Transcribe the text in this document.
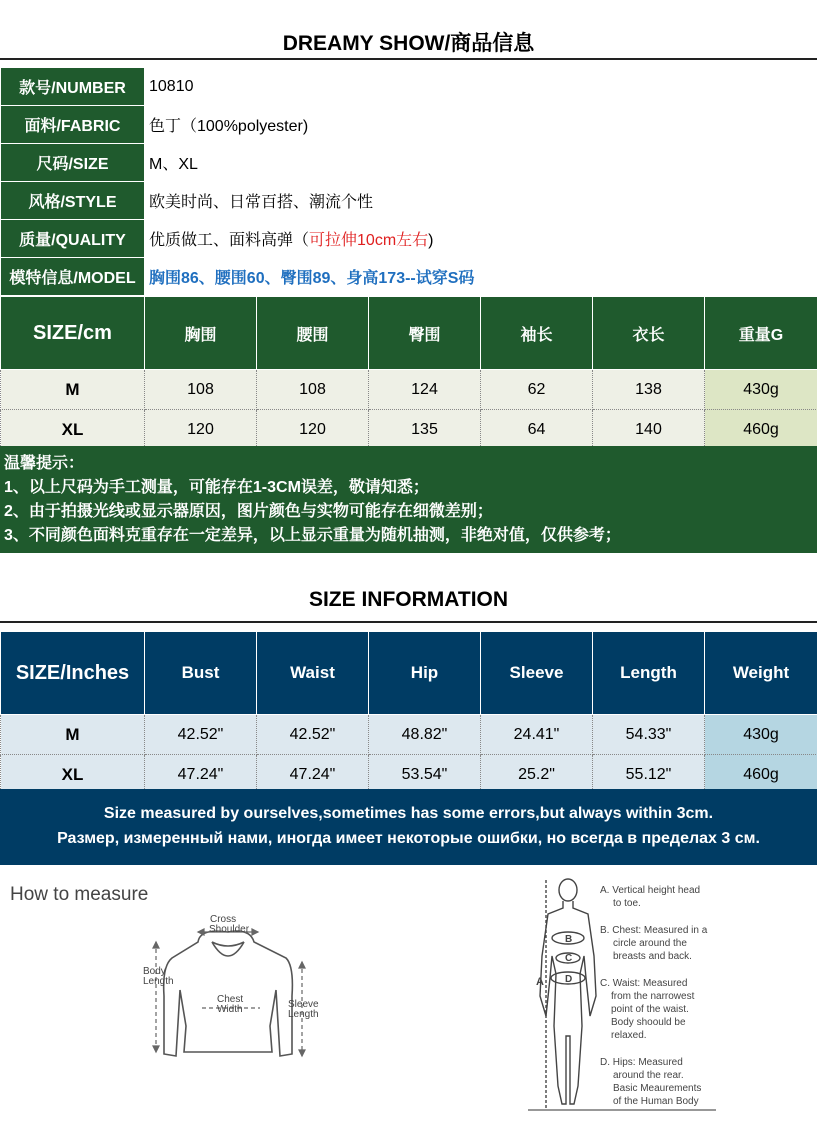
DREAMY SHOW/商品信息
款号/NUMBER	10810
面料/FABRIC	色丁（100%polyester)
尺码/SIZE	M、XL
风格/STYLE	欧美时尚、日常百搭、潮流个性
质量/QUALITY	优质做工、面料高弹（可拉伸10cm左右)
模特信息/MODEL	胸围86、腰围60、臀围89、身高173--试穿S码
SIZE/cm	胸围	腰围	臀围	袖长	衣长	重量G
M	108	108	124	62	138	430g
XL	120	120	135	64	140	460g
温馨提示：
1、以上尺码为手工测量，可能存在1-3CM误差，敬请知悉；
2、由于拍摄光线或显示器原因，图片颜色与实物可能存在细微差别；
3、不同颜色面料克重存在一定差异，以上显示重量为随机抽测，非绝对值，仅供参考；
SIZE INFORMATION
SIZE/Inches	Bust	Waist	Hip	Sleeve	Length	Weight
M	42.52"	42.52"	48.82"	24.41"	54.33"	430g
XL	47.24"	47.24"	53.54"	25.2"	55.12"	460g
Size measured by ourselves,sometimes has some errors,but always within 3cm.
Размер, измеренный нами, иногда имеет некоторые ошибки, но всегда в пределах 3 см.
How to measure
Cross
Shoulder
Body
Length
Chest
Width	Sleeve
Length
A
B
C
D
A. Vertical height head
to toe.
B. Chest: Measured in a
circle around the
breasts and back.
C. Waist: Measured
from the narrowest
point of the waist.
Body shoould be
relaxed.
D. Hips: Measured
around the rear.
Basic Meaurements
of the Human Body
